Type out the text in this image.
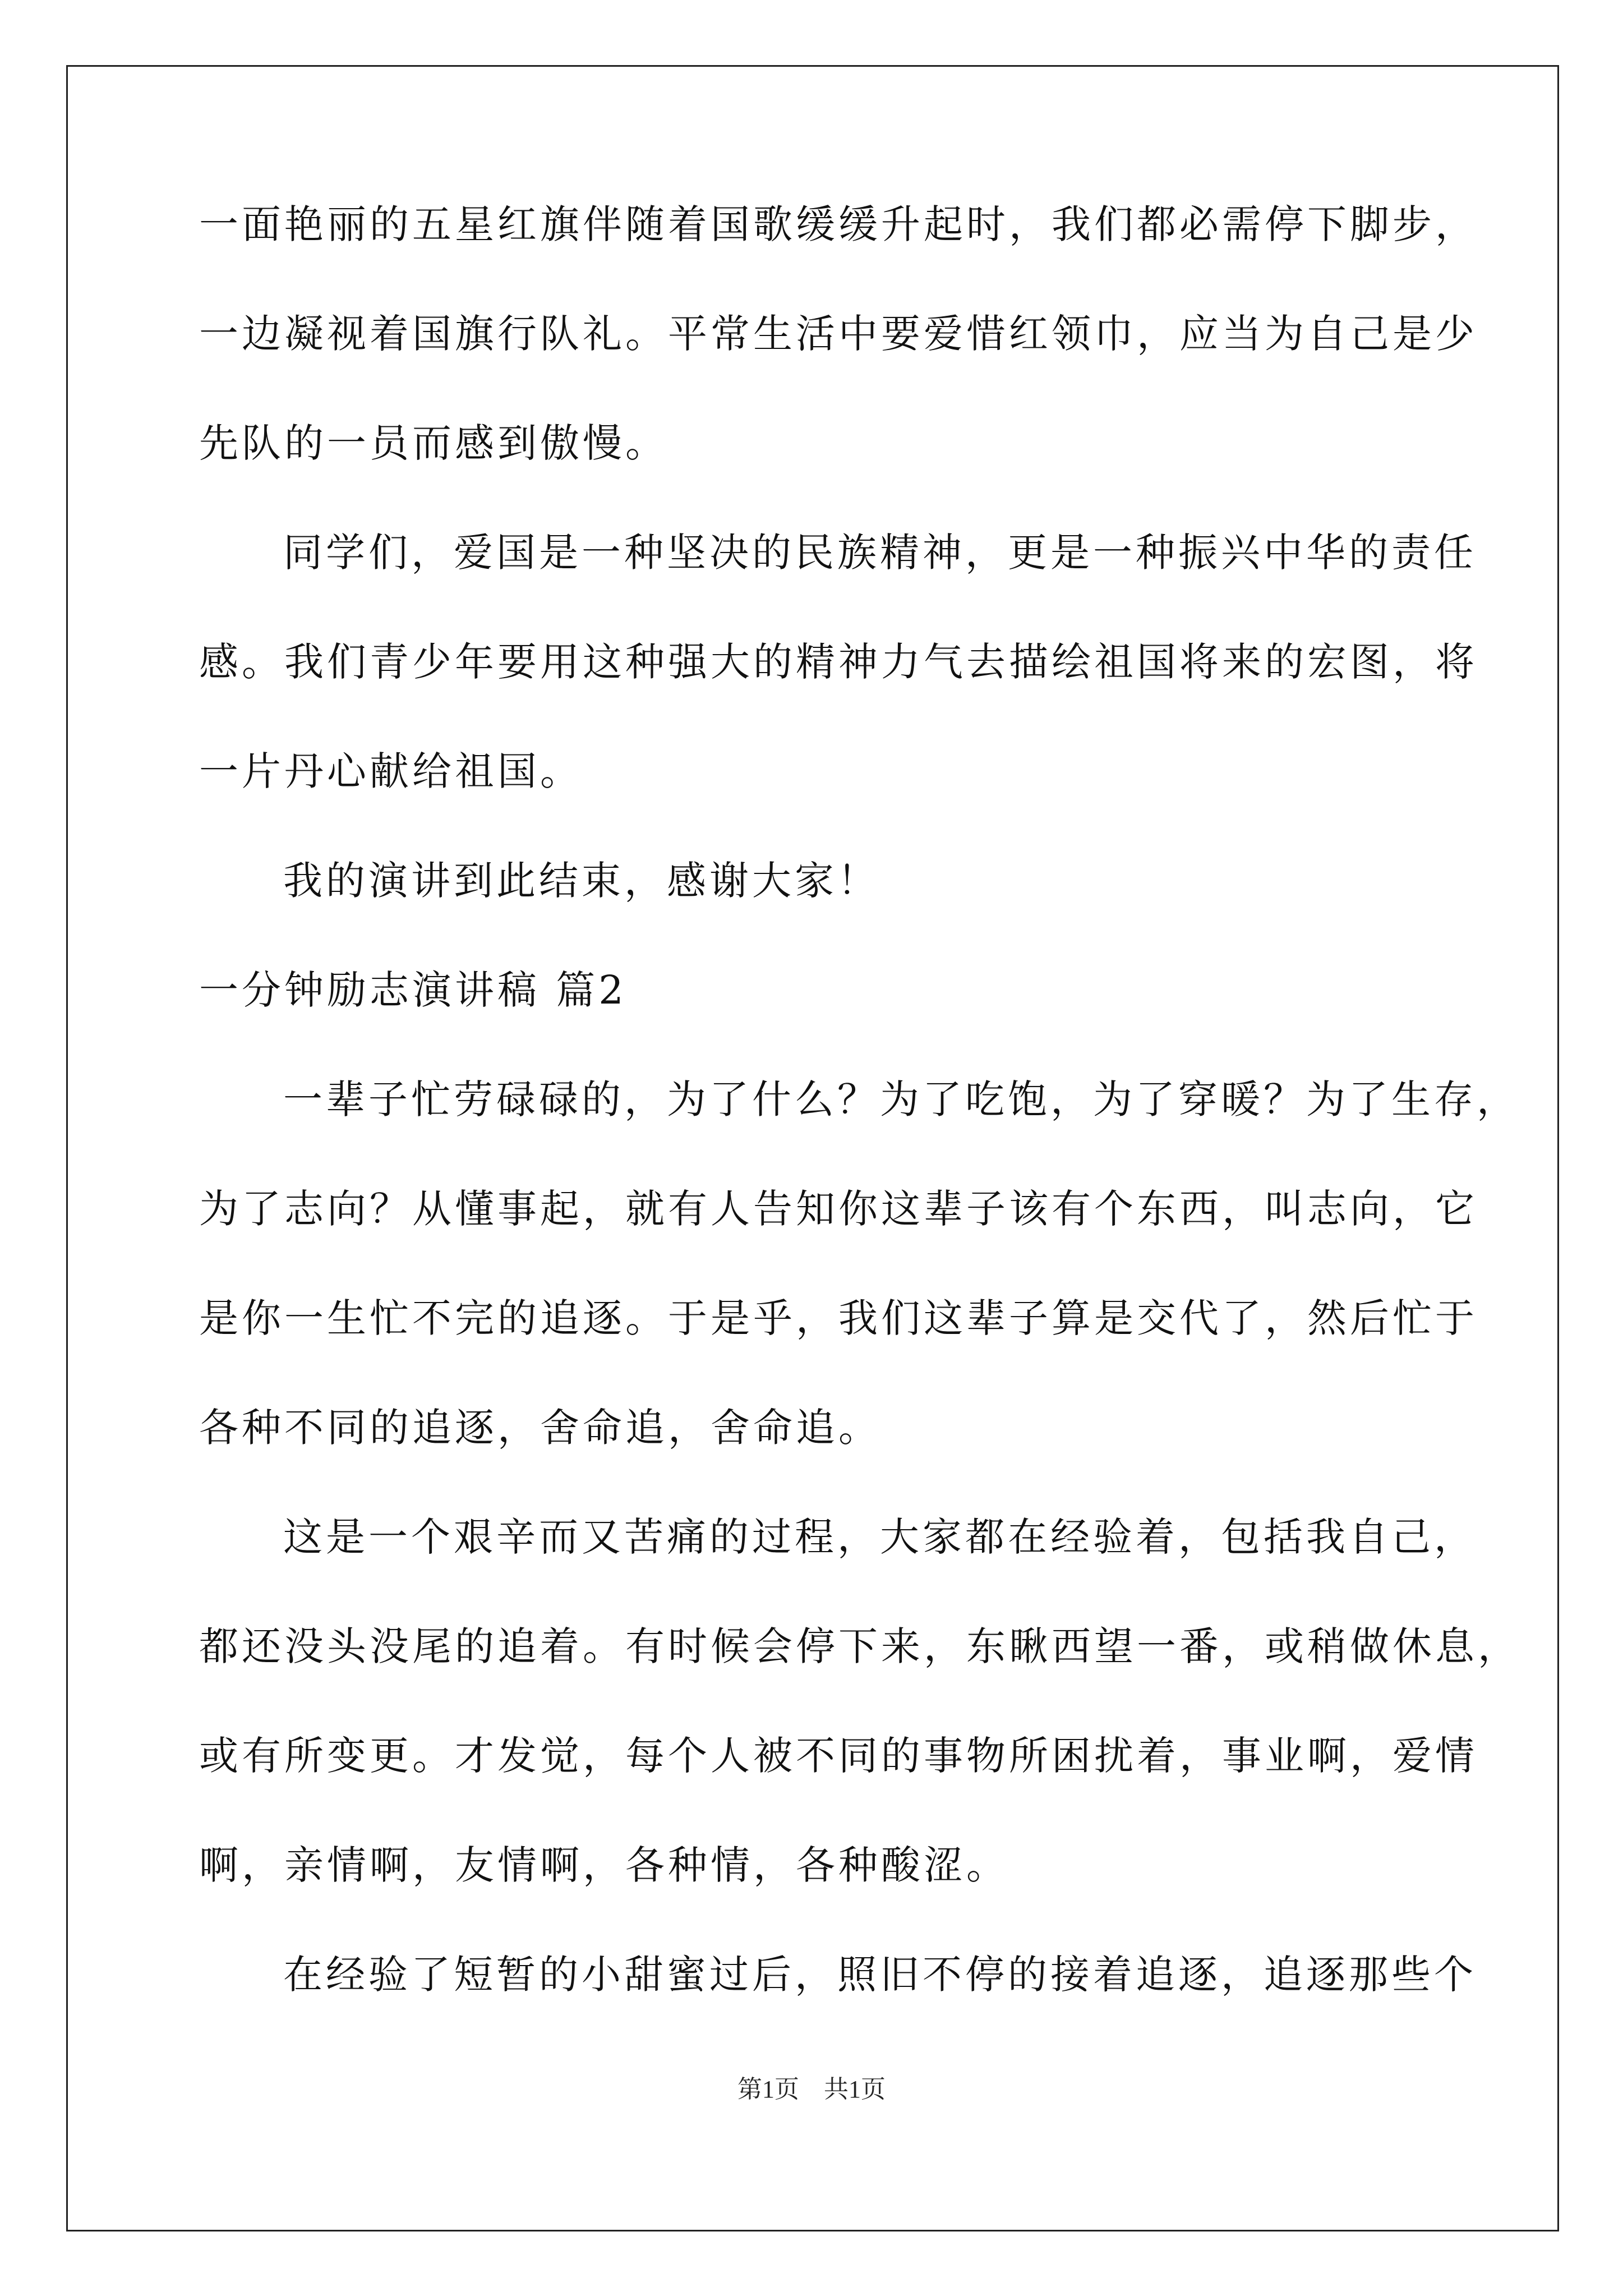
一面艳丽的五星红旗伴随着国歌缓缓升起时，我们都必需停下脚步，
一边凝视着国旗行队礼。平常生活中要爱惜红领巾，应当为自己是少
先队的一员而感到傲慢。
同学们，爱国是一种坚决的民族精神，更是一种振兴中华的责任
感。我们青少年要用这种强大的精神力气去描绘祖国将来的宏图，将
一片丹心献给祖国。
我的演讲到此结束，感谢大家！
一分钟励志演讲稿 篇2
一辈子忙劳碌碌的，为了什么？为了吃饱，为了穿暖？为了生存，
为了志向？从懂事起，就有人告知你这辈子该有个东西，叫志向，它
是你一生忙不完的追逐。于是乎，我们这辈子算是交代了，然后忙于
各种不同的追逐，舍命追，舍命追。
这是一个艰辛而又苦痛的过程，大家都在经验着，包括我自己，
都还没头没尾的追着。有时候会停下来，东瞅西望一番，或稍做休息，
或有所变更。才发觉，每个人被不同的事物所困扰着，事业啊，爱情
啊，亲情啊，友情啊，各种情，各种酸涩。
在经验了短暂的小甜蜜过后，照旧不停的接着追逐，追逐那些个
第1页　共1页
